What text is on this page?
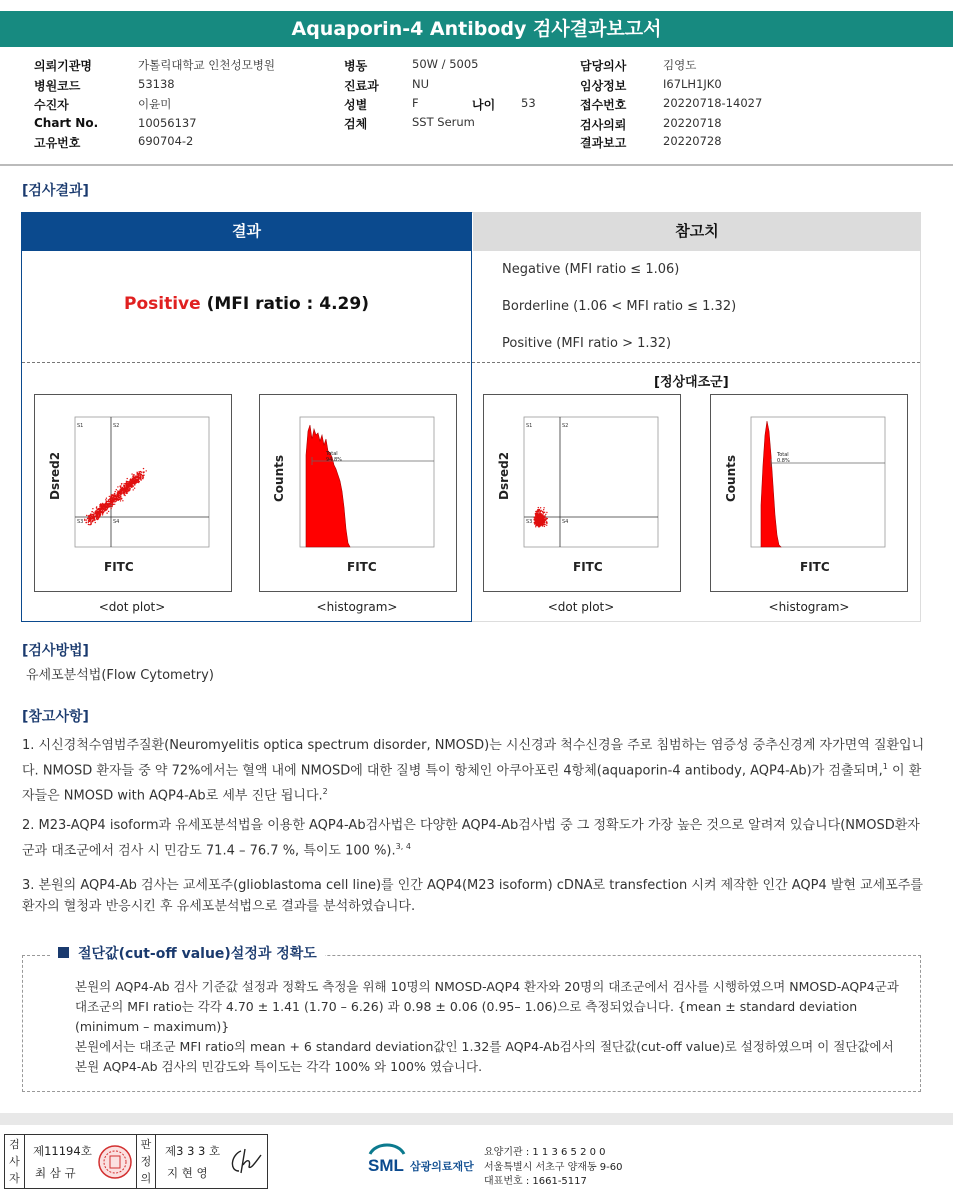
Aquaporin-4 Antibody 검사결과보고서
의뢰기관명	가톨릭대학교 인천성모병원
병원코드	53138
수진자	이윤미
Chart No.	10056137
고유번호	690704-2
병동	50W / 5005
진료과	NU
성별	F	나이 53
검체	SST Serum
담당의사	김영도
임상정보	I67LH1JK0
접수번호	20220718-14027
검사의뢰	20220718
결과보고	20220728
[검사결과]
결과	참고치
Positive (MFI ratio : 4.29)
Negative (MFI ratio ≤ 1.06)
Borderline (1.06 < MFI ratio ≤ 1.32)
Positive (MFI ratio > 1.32)
[정상대조군]
S1	S2
S3	S4
Dsred2
FITC
<dot plot>
Total
94.8%
Counts
FITC
<histogram>
S1	S2
S3	S4
Dsred2
FITC
<dot plot>
Total
0.8%
Counts
FITC
<histogram>
[검사방법]
유세포분석법(Flow Cytometry)
[참고사항]
1. 시신경척수염범주질환(Neuromyelitis optica spectrum disorder, NMOSD)는 시신경과 척수신경을 주로 침범하는 염증성 중추신경계 자가면역 질환입니다. NMOSD 환자들 중 약 72%에서는 혈액 내에 NMOSD에 대한 질병 특이 항체인 아쿠아포린 4항체(aquaporin-4 antibody, AQP4-Ab)가 검출되며,$^1$ 이 환자들은 NMOSD with AQP4-Ab로 세부 진단 됩니다.$^2$
2. M23-AQP4 isoform과 유세포분석법을 이용한 AQP4-Ab검사법은 다양한 AQP4-Ab검사법 중 그 정확도가 가장 높은 것으로 알려져 있습니다(NMOSD환자군과 대조군에서 검사 시 민감도 71.4 – 76.7 %, 특이도 100 %).$^{3, 4}$
3. 본원의 AQP4-Ab 검사는 교세포주(glioblastoma cell line)를 인간 AQP4(M23 isoform) cDNA로 transfection 시켜 제작한 인간 AQP4 발현 교세포주를 환자의 혈청과 반응시킨 후 유세포분석법으로 결과를 분석하였습니다.
절단값(cut-off value)설정과 정확도
본원의 AQP4-Ab 검사 기준값 설정과 정확도 측정을 위해 10명의 NMOSD-AQP4 환자와 20명의 대조군에서 검사를 시행하였으며 NMOSD-AQP4군과 대조군의 MFI ratio는 각각 4.70 ± 1.41 (1.70 – 6.26) 과 0.98 ± 0.06 (0.95– 1.06)으로 측정되었습니다. {mean ± standard deviation (minimum – maximum)}
본원에서는 대조군 MFI ratio의 mean + 6 standard deviation값인 1.32를 AQP4-Ab검사의 절단값(cut-off value)로 설정하였으며 이 절단값에서 본원 AQP4-Ab 검사의 민감도와 특이도는 각각 100% 와 100% 였습니다.
검
사
자
제11194호
최 삼 규
판
정
의
제3 3 3 호
지 현 영	SML 삼광의료재단
요양기관 : 1 1 3 6 5 2 0 0
서울특별시 서초구 양재동 9-60
대표번호 : 1661-5117
